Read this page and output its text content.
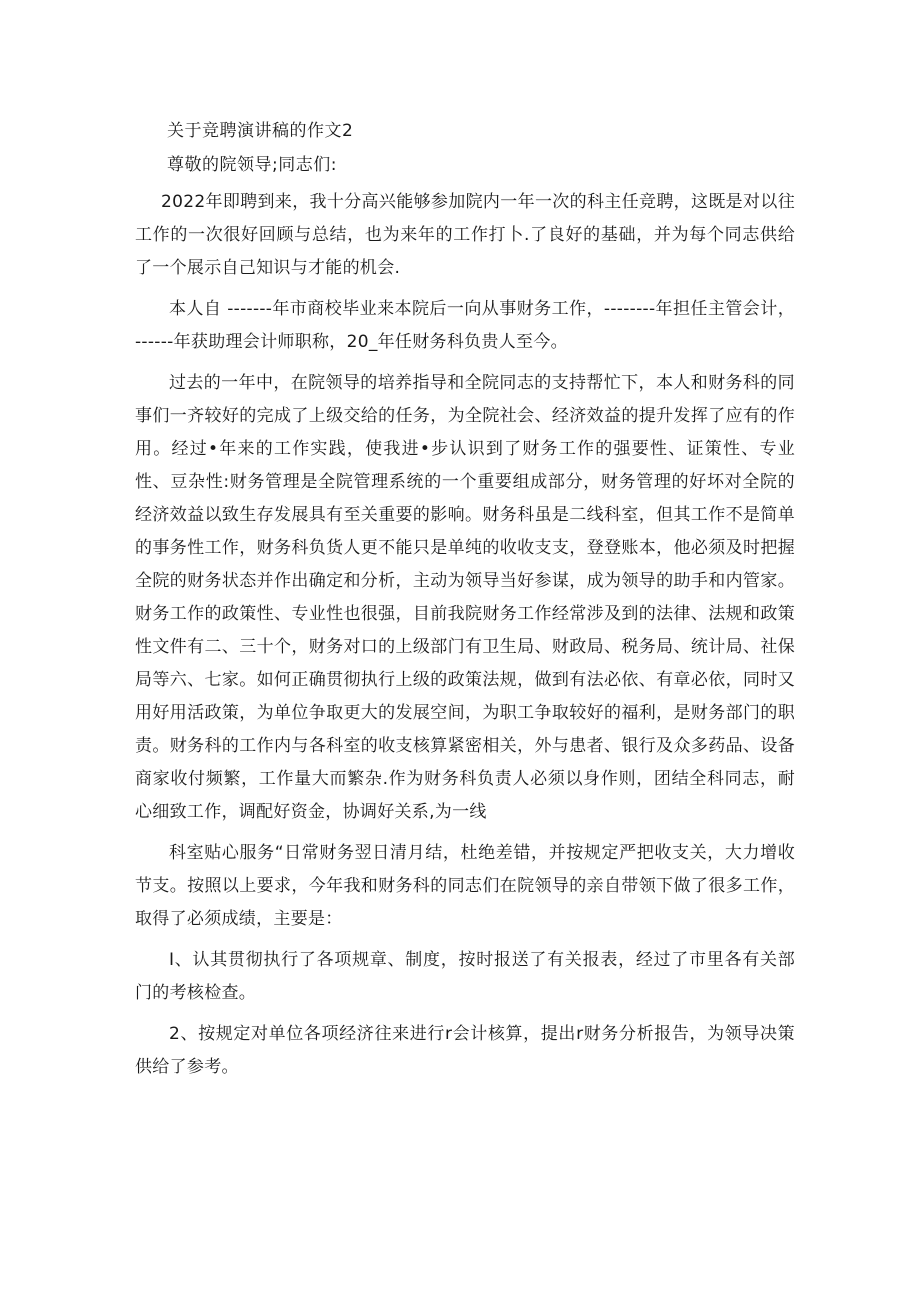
关于竞聘演讲稿的作文2
尊敬的院领导;同志们:

2022年即聘到来，我十分高兴能够参加院内一年一次的科主任竞聘，这既是对以往工作的一次很好回顾与总结，也为来年的工作打卜.了良好的基础，并为每个同志供给了一个展示自己知识与才能的机会.

本人自 -------年市商校毕业来本院后一向从事财务工作，--------年担任主管会计， ------年获助理会计师职称，20_年任财务科负贵人至今。

过去的一年中，在院领导的培养指导和全院同志的支持帮忙下，本人和财务科的同事们一齐较好的完成了上级交给的任务，为全院社会、经济效益的提升发挥了应有的作用。经过•年来的工作实践，使我进•步认识到了财务工作的强要性、证策性、专业性、豆杂性:财务管理是全院管理系统的一个重要组成部分，财务管理的好坏对全院的经济效益以致生存发展具有至关重要的影响。财务科虽是二线科室，但其工作不是简单的事务性工作，财务科负货人更不能只是单纯的收收支支，登登账本，他必须及时把握全院的财务状态并作出确定和分析，主动为领导当好参谋，成为领导的助手和内管家。财务工作的政策性、专业性也很强，目前我院财务工作经常涉及到的法律、法规和政策性文件有二、三十个，财务对口的上级部门有卫生局、财政局、税务局、统计局、社保局等六、七家。如何正确贯彻执行上级的政策法规，做到有法必依、有章必依，同时又用好用活政策，为单位争取更大的发展空间，为职工争取较好的福利，是财务部门的职责。财务科的工作内与各科室的收支核算紧密相关，外与患者、银行及众多药品、设备商家收付频繁，工作量大而繁杂.作为财务科负责人必须以身作则，团结全科同志，耐心细致工作，调配好资金，协调好关系,为一线

科室贴心服务“日常财务翌日清月结，杜绝差错，并按规定严把收支关，大力增收节支。按照以上要求，今年我和财务科的同志们在院领导的亲自带领下做了很多工作，取得了必须成绩，主要是：

I、认其贯彻执行了各项规章、制度，按时报送了有关报表，经过了市里各有关部门的考核检查。

2、按规定对单位各项经济往来进行r会计核算，提出r财务分析报告，为领导决策供给了参考。
